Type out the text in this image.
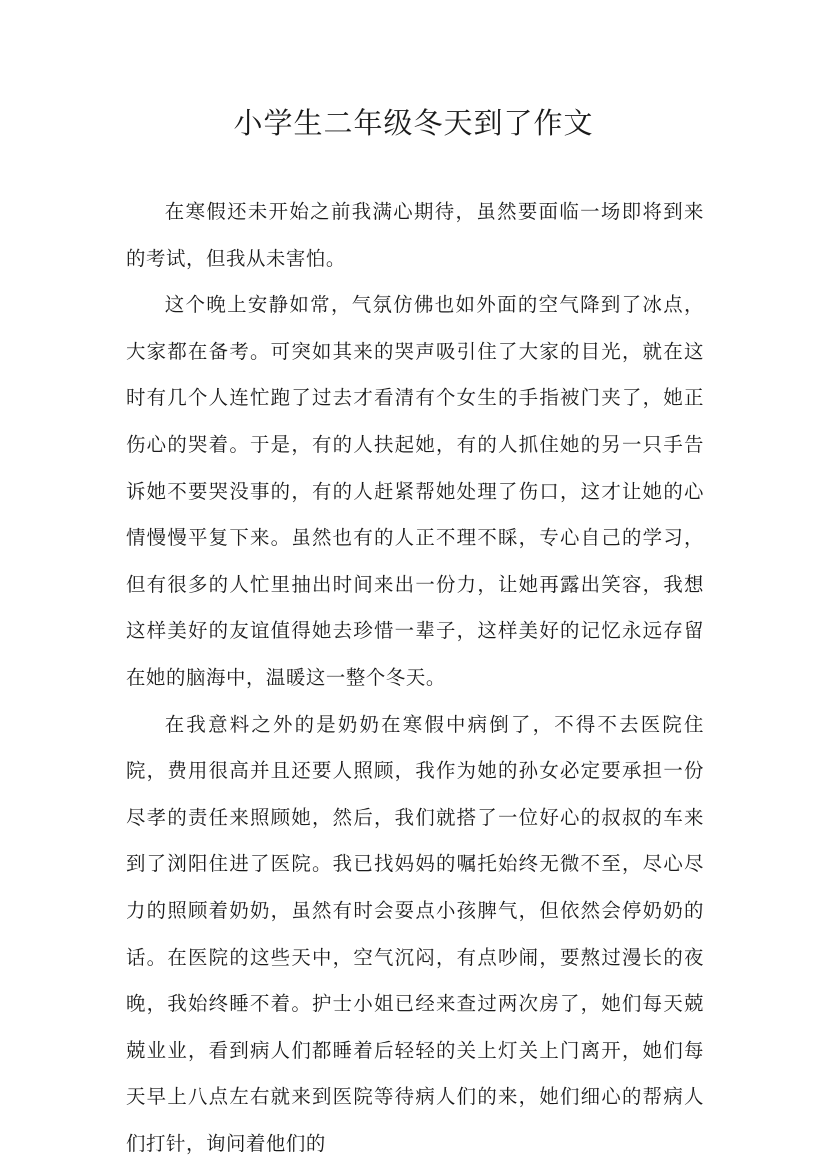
小学生二年级冬天到了作文

在寒假还未开始之前我满心期待，虽然要面临一场即将到来的考试，但我从未害怕。

这个晚上安静如常，气氛仿佛也如外面的空气降到了冰点，大家都在备考。可突如其来的哭声吸引住了大家的目光，就在这时有几个人连忙跑了过去才看清有个女生的手指被门夹了，她正伤心的哭着。于是，有的人扶起她，有的人抓住她的另一只手告诉她不要哭没事的，有的人赶紧帮她处理了伤口，这才让她的心情慢慢平复下来。虽然也有的人正不理不睬，专心自己的学习，但有很多的人忙里抽出时间来出一份力，让她再露出笑容，我想这样美好的友谊值得她去珍惜一辈子，这样美好的记忆永远存留在她的脑海中，温暖这一整个冬天。

在我意料之外的是奶奶在寒假中病倒了，不得不去医院住院，费用很高并且还要人照顾，我作为她的孙女必定要承担一份尽孝的责任来照顾她，然后，我们就搭了一位好心的叔叔的车来到了浏阳住进了医院。我已找妈妈的嘱托始终无微不至，尽心尽力的照顾着奶奶，虽然有时会耍点小孩脾气，但依然会停奶奶的话。在医院的这些天中，空气沉闷，有点吵闹，要熬过漫长的夜晚，我始终睡不着。护士小姐已经来查过两次房了，她们每天兢兢业业，看到病人们都睡着后轻轻的关上灯关上门离开，她们每天早上八点左右就来到医院等待病人们的来，她们细心的帮病人们打针，询问着他们的
